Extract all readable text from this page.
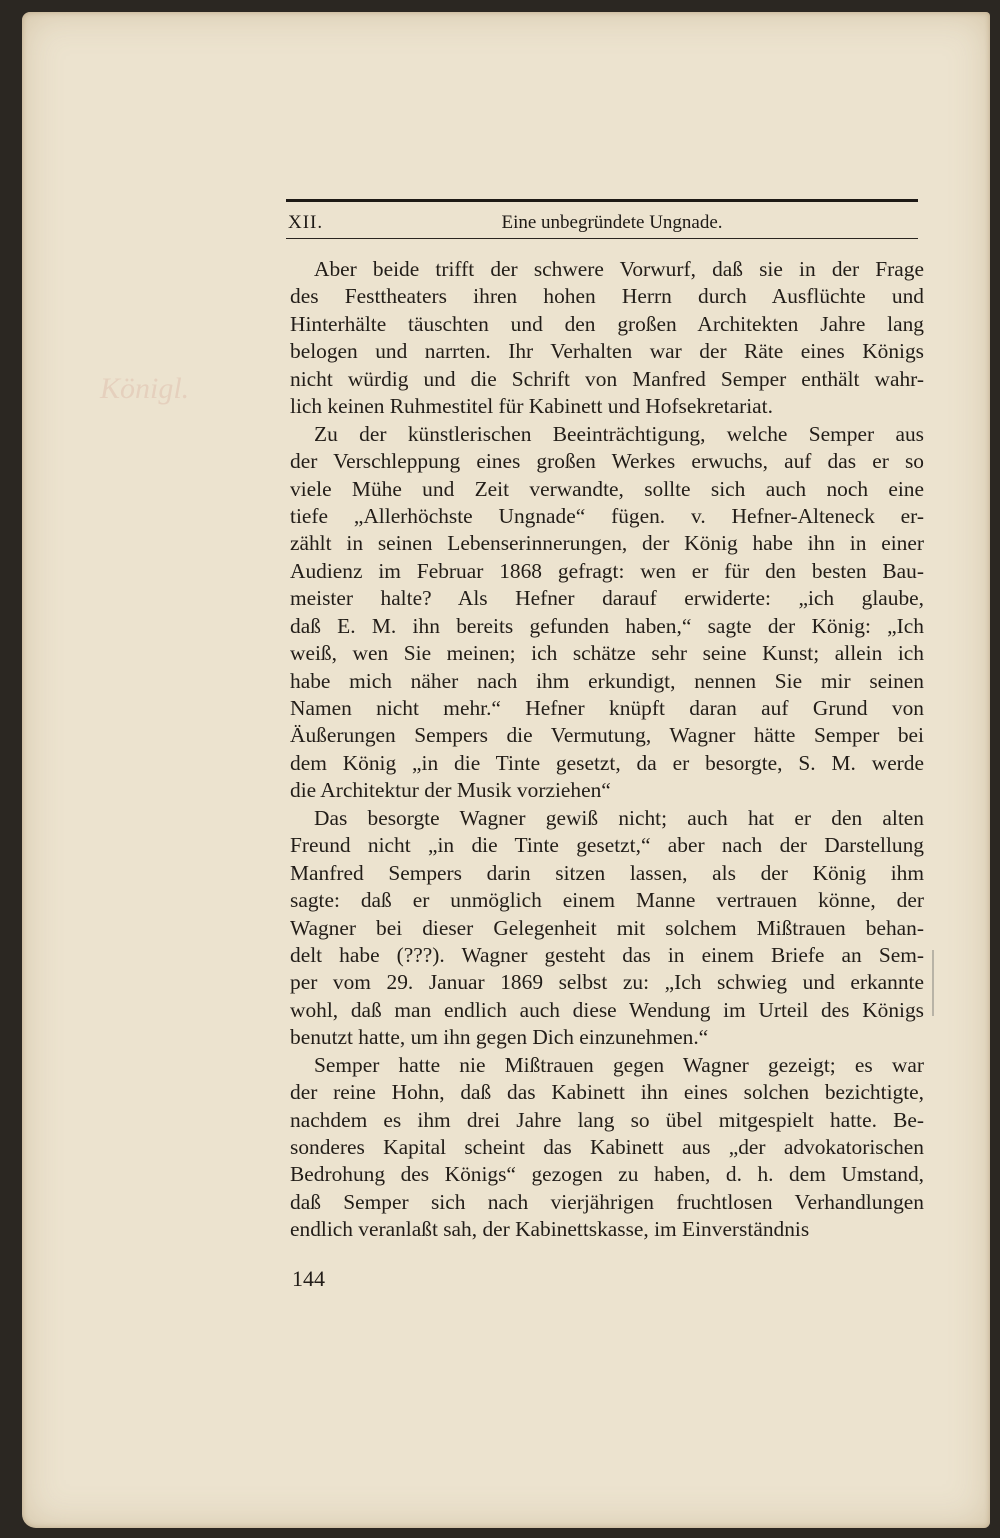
Königl.
XII.	Eine unbegründete Ungnade.
Aber beide trifft der schwere Vorwurf, daß sie in der Frage
des Festtheaters ihren hohen Herrn durch Ausflüchte und
Hinterhälte täuschten und den großen Architekten Jahre lang
belogen und narrten. Ihr Verhalten war der Räte eines Königs
nicht würdig und die Schrift von Manfred Semper enthält wahr-
lich keinen Ruhmestitel für Kabinett und Hofsekretariat.
Zu der künstlerischen Beeinträchtigung, welche Semper aus
der Verschleppung eines großen Werkes erwuchs, auf das er so
viele Mühe und Zeit verwandte, sollte sich auch noch eine
tiefe „Allerhöchste Ungnade“ fügen. v. Hefner-Alteneck er-
zählt in seinen Lebenserinnerungen, der König habe ihn in einer
Audienz im Februar 1868 gefragt: wen er für den besten Bau-
meister halte? Als Hefner darauf erwiderte: „ich glaube,
daß E. M. ihn bereits gefunden haben,“ sagte der König: „Ich
weiß, wen Sie meinen; ich schätze sehr seine Kunst; allein ich
habe mich näher nach ihm erkundigt, nennen Sie mir seinen
Namen nicht mehr.“ Hefner knüpft daran auf Grund von
Äußerungen Sempers die Vermutung, Wagner hätte Semper bei
dem König „in die Tinte gesetzt, da er besorgte, S. M. werde
die Architektur der Musik vorziehen“
Das besorgte Wagner gewiß nicht; auch hat er den alten
Freund nicht „in die Tinte gesetzt,“ aber nach der Darstellung
Manfred Sempers darin sitzen lassen, als der König ihm
sagte: daß er unmöglich einem Manne vertrauen könne, der
Wagner bei dieser Gelegenheit mit solchem Mißtrauen behan-
delt habe (???). Wagner gesteht das in einem Briefe an Sem-
per vom 29. Januar 1869 selbst zu: „Ich schwieg und erkannte
wohl, daß man endlich auch diese Wendung im Urteil des Königs
benutzt hatte, um ihn gegen Dich einzunehmen.“
Semper hatte nie Mißtrauen gegen Wagner gezeigt; es war
der reine Hohn, daß das Kabinett ihn eines solchen bezichtigte,
nachdem es ihm drei Jahre lang so übel mitgespielt hatte. Be-
sonderes Kapital scheint das Kabinett aus „der advokatorischen
Bedrohung des Königs“ gezogen zu haben, d. h. dem Umstand,
daß Semper sich nach vierjährigen fruchtlosen Verhandlungen
endlich veranlaßt sah, der Kabinettskasse, im Einverständnis
144
